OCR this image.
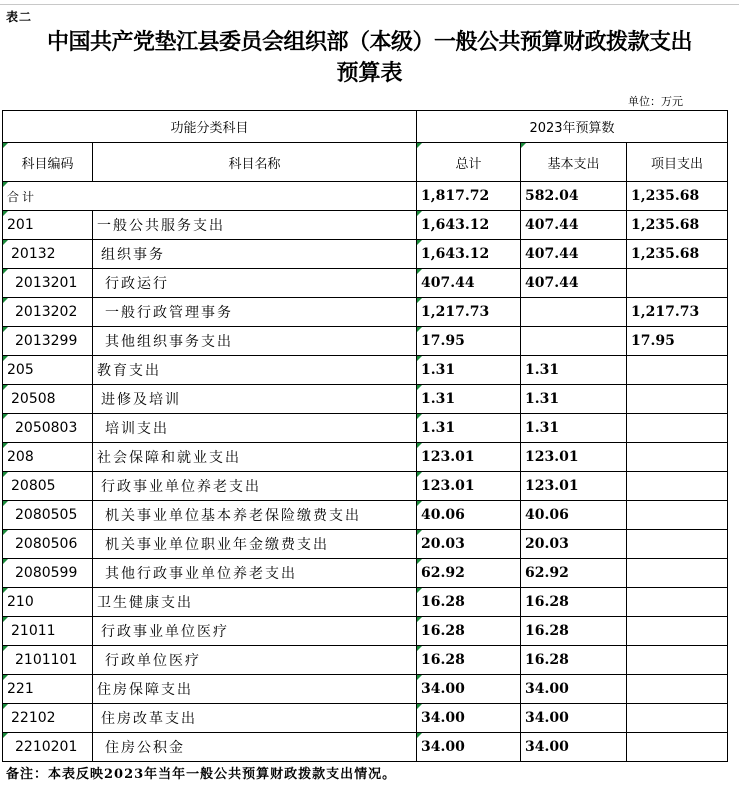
表二
中国共产党垫江县委员会组织部（本级）一般公共预算财政拨款支出
预算表
单位：万元
功能分类科目		2023年预算数		
科目编码	科目名称	总计	基本支出	项目支出
合计		1,817.72	582.04	1,235.68
201	一般公共服务支出	1,643.12	407.44	1,235.68
20132	组织事务	1,643.12	407.44	1,235.68
2013201	行政运行	407.44	407.44	
2013202	一般行政管理事务	1,217.73		1,217.73
2013299	其他组织事务支出	17.95		17.95
205	教育支出	1.31	1.31	
20508	进修及培训	1.31	1.31	
2050803	培训支出	1.31	1.31	
208	社会保障和就业支出	123.01	123.01	
20805	行政事业单位养老支出	123.01	123.01	
2080505	机关事业单位基本养老保险缴费支出	40.06	40.06	
2080506	机关事业单位职业年金缴费支出	20.03	20.03	
2080599	其他行政事业单位养老支出	62.92	62.92	
210	卫生健康支出	16.28	16.28	
21011	行政事业单位医疗	16.28	16.28	
2101101	行政单位医疗	16.28	16.28	
221	住房保障支出	34.00	34.00	
22102	住房改革支出	34.00	34.00	
2210201	住房公积金	34.00	34.00	
备注：本表反映2023年当年一般公共预算财政拨款支出情况。
